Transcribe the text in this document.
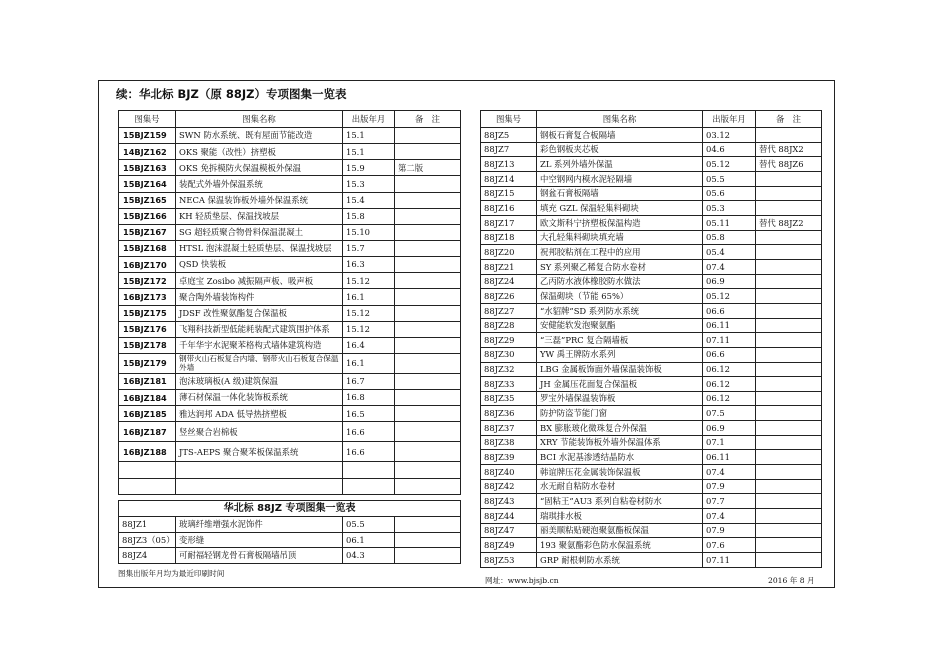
续：华北标 BJZ（原 88JZ）专项图集一览表
图集号	图集名称	出版年月	备　注
15BJZ159	SWN 防水系统、既有屋面节能改造	15.1	
14BJZ162	OKS 聚能（改性）挤塑板	15.1	
15BJZ163	OKS 免拆模防火保温模板外保温	15.9	第二版
15BJZ164	装配式外墙外保温系统	15.3	
15BJZ165	NECA 保温装饰板外墙外保温系统	15.4	
15BJZ166	KH 轻质垫层、保温找坡层	15.8	
15BJZ167	SG 超轻质聚合物骨料保温混凝土	15.10	
15BJZ168	HTSL 泡沫混凝土轻质垫层、保温找坡层	15.7	
16BJZ170	QSD 快装板	16.3	
15BJZ172	卓庭宝 Zosibo 减振隔声板、吸声板	15.12	
16BJZ173	聚合陶外墙装饰构件	16.1	
15BJZ175	JDSF 改性聚氨酯复合保温板	15.12	
15BJZ176	飞翔科技新型低能耗装配式建筑围护体系	15.12	
15BJZ178	千年华宇水泥聚苯格构式墙体建筑构造	16.4	
15BJZ179	钢带火山石板复合内墙、钢带火山石板复合保温外墙	16.1	
16BJZ181	泡沫玻璃板(A 级)建筑保温	16.7	
16BJZ184	薄石材保温一体化装饰板系统	16.8	
16BJZ185	雅达润邦 ADA 低导热挤塑板	16.5	
16BJZ187	竖丝聚合岩棉板	16.6	
16BJZ188	JTS-AEPS 聚合聚苯板保温系统	16.6	

华北标 88JZ 专项图集一览表			
88JZ1	玻璃纤维增强水泥饰件	05.5	
88JZ3（05）	变形缝	06.1	
88JZ4	可耐福轻钢龙骨石膏板隔墙吊顶	04.3	
图集号	图集名称	出版年月	备　注
88JZ5	钢板石膏复合板隔墙	03.12	
88JZ7	彩色钢板夹芯板	04.6	替代 88JX2
88JZ13	ZL 系列外墙外保温	05.12	替代 88JZ6
88JZ14	中空钢网内模水泥轻隔墙	05.5	
88JZ15	钢盆石膏板隔墙	05.6	
88JZ16	填充 GZL 保温轻集料砌块	05.3	
88JZ17	欧文斯科宁挤塑板保温构造	05.11	替代 88JZ2
88JZ18	大孔轻集料砌块填充墙	05.8	
88JZ20	祝邦胶粘剂在工程中的应用	05.4	
88JZ21	SY 系列聚乙稀复合防水卷材	07.4	
88JZ24	乙丙防水液体橡胶防水做法	06.9	
88JZ26	保温砌块（节能 65%）	05.12	
88JZ27	“水貂牌”SD 系列防水系统	06.6	
88JZ28	安健能软发泡聚氨酯	06.11	
88JZ29	“三磊”PRC 复合隔墙板	07.11	
88JZ30	YW 禹王牌防水系列	06.6	
88JZ32	LBG 金属板饰面外墙保温装饰板	06.12	
88JZ33	JH 金属压花面复合保温板	06.12	
88JZ35	罗宝外墙保温装饰板	06.12	
88JZ36	防护防盗节能门窗	07.5	
88JZ37	BX 膨胀玻化微珠复合外保温	06.9	
88JZ38	XRY 节能装饰板外墙外保温体系	07.1	
88JZ39	BCI 水泥基渗透结晶防水	06.11	
88JZ40	韩谊牌压花金属装饰保温板	07.4	
88JZ42	水无耐自粘防水卷材	07.9	
88JZ43	“固粘王”AU3 系列自粘卷材防水	07.7	
88JZ44	瑞琪排水板	07.4	
88JZ47	丽美顺粘贴硬泡聚氨酯板保温	07.9	
88JZ49	193 聚氨酯彩色防水保温系统	07.6	
88JZ53	GRP 耐根刺防水系统	07.11	
图集出版年月均为最近印刷时间
网址：www.bjsjb.cn	2016 年 8 月
